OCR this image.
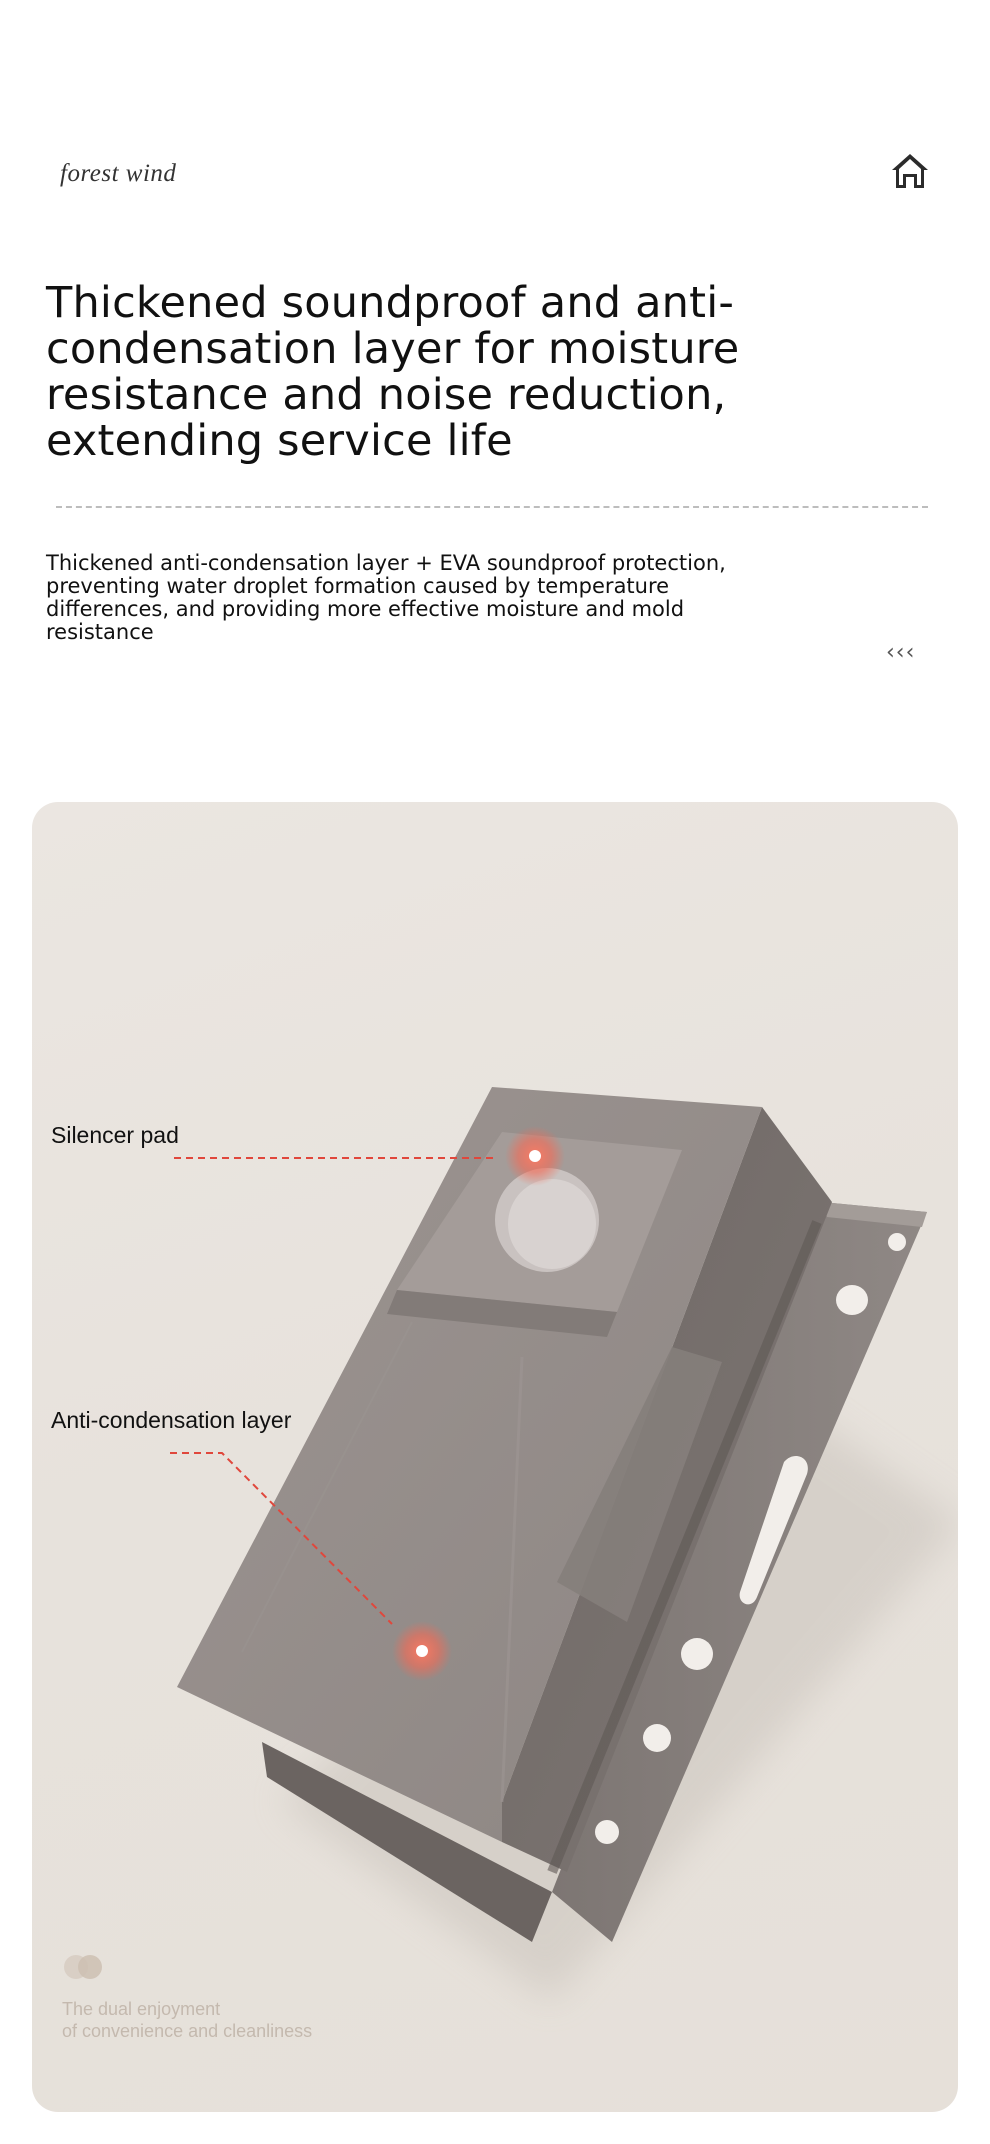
forest wind
Thickened soundproof and anti-condensation layer for moisture resistance and noise reduction, extending service life

Thickened anti-condensation layer + EVA soundproof protection, preventing water droplet formation caused by temperature differences, and providing more effective moisture and mold resistance

‹‹‹
Silencer pad
Anti-condensation layer
The dual enjoyment
of convenience and cleanliness
